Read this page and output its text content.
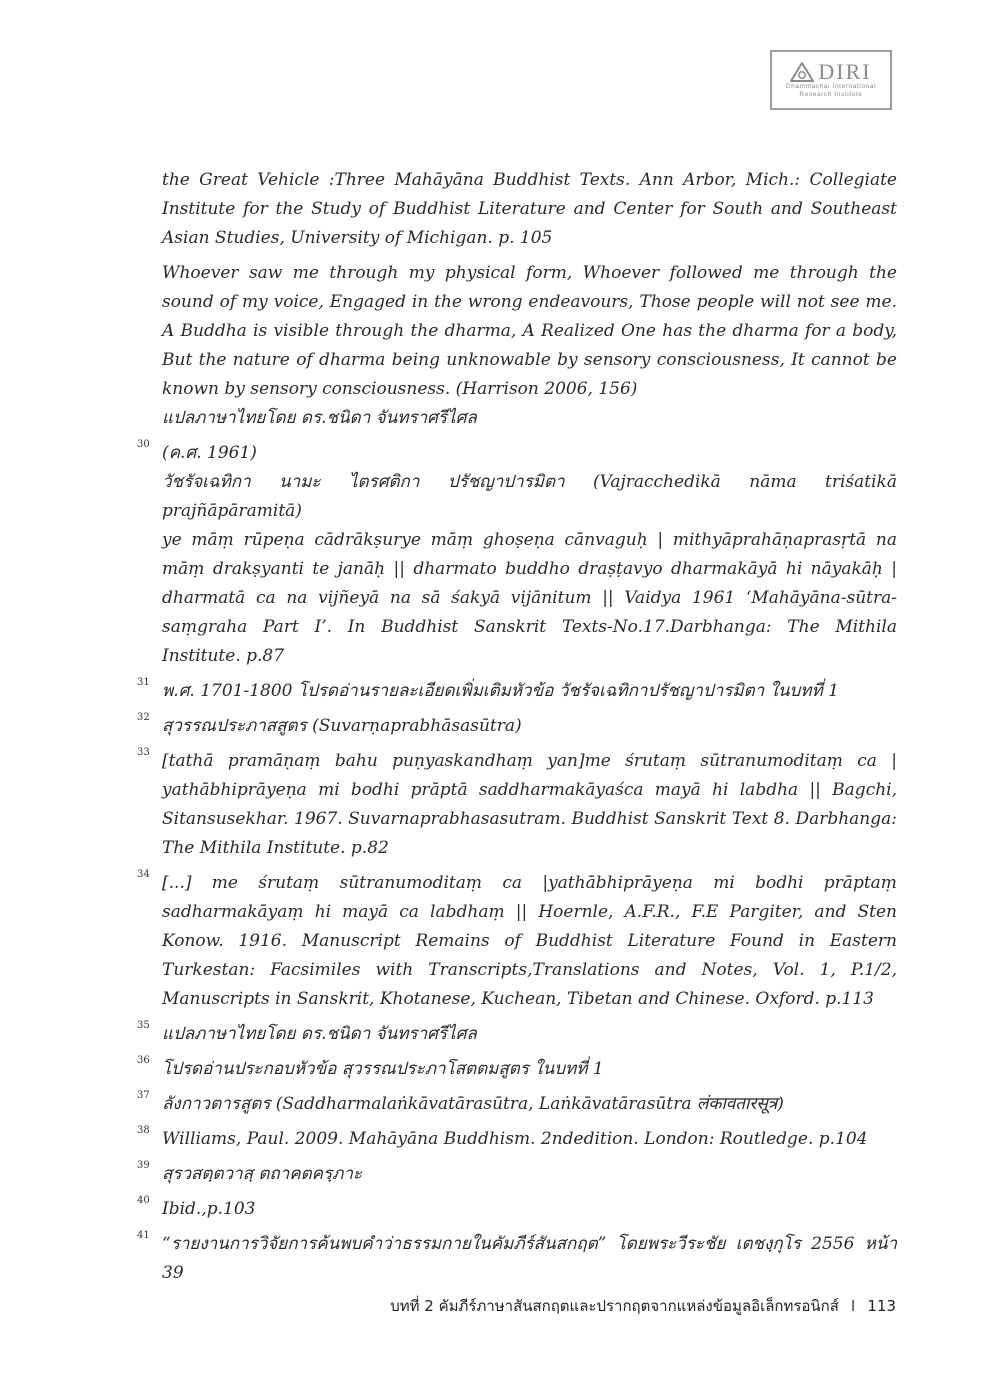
DIRI
Dhammachai International
Research Institute

the Great Vehicle :Three Mahāyāna Buddhist Texts. Ann Arbor, Mich.: Collegiate Institute for the Study of Buddhist Literature and Center for South and Southeast Asian Studies, University of Michigan. p. 105

Whoever saw me through my physical form, Whoever followed me through the sound of my voice, Engaged in the wrong endeavours, Those people will not see me. A Buddha is visible through the dharma, A Realized One has the dharma for a body, But the nature of dharma being unknowable by sensory consciousness, It cannot be known by sensory consciousness. (Harrison 2006, 156)

แปลภาษาไทยโดย ดร.ชนิดา จันทราศรีไศล

30 (ค.ศ. 1961)

วัชรัจเฉทิกา นามะ ไตรศติกา ปรัชญาปารมิตา (Vajracchedikā nāma triśatikā prajñāpāramitā)

ye māṃ rūpeṇa cādrākṣurye māṃ ghoṣeṇa cānvaguḥ | mithyāprahāṇaprasṛtā na māṃ drakṣyanti te janāḥ || dharmato buddho draṣṭavyo dharmakāyā hi nāyakāḥ | dharmatā ca na vijñeyā na sā śakyā vijānitum || Vaidya 1961 ‘Mahāyāna-sūtra-saṃgraha Part I’. In Buddhist Sanskrit Texts-No.17.Darbhanga: The Mithila Institute. p.87

31 พ.ศ. 1701-1800 โปรดอ่านรายละเอียดเพิ่มเติมหัวข้อ วัชรัจเฉทิกาปรัชญาปารมิตา ในบทที่ 1

32 สุวรรณประภาสสูตร (Suvarṇaprabhāsasūtra)

33 [tathā pramāṇaṃ bahu puṇyaskandhaṃ yan]me śrutaṃ sūtranumoditaṃ ca | yathābhiprāyeṇa mi bodhi prāptā saddharmakāyaśca mayā hi labdha || Bagchi, Sitansusekhar. 1967. Suvarnaprabhasasutram. Buddhist Sanskrit Text 8. Darbhanga: The Mithila Institute. p.82

34 [...] me śrutaṃ sūtranumoditaṃ ca |yathābhiprāyeṇa mi bodhi prāptaṃ sadharmakāyaṃ hi mayā ca labdhaṃ || Hoernle, A.F.R., F.E Pargiter, and Sten Konow. 1916. Manuscript Remains of Buddhist Literature Found in Eastern Turkestan: Facsimiles with Transcripts,Translations and Notes, Vol. 1, P.1/2, Manuscripts in Sanskrit, Khotanese, Kuchean, Tibetan and Chinese. Oxford. p.113

35 แปลภาษาไทยโดย ดร.ชนิดา จันทราศรีไศล

36 โปรดอ่านประกอบหัวข้อ สุวรรณประภาโสตตมสูตร ในบทที่ 1

37 ลังกาวตารสูตร (Saddharmalaṅkāvatārasūtra, Laṅkāvatārasūtra लंकावतारसूत्र)

38 Williams, Paul. 2009. Mahāyāna Buddhism. 2ndedition. London: Routledge. p.104

39 สุรวสตฺตวาสฺ ตถาคตครฺภาะ

40 Ibid.,p.103

41 “รายงานการวิจัยการค้นพบคำว่าธรรมกายในคัมภีร์สันสกฤต” โดยพระวีระชัย เตชงฺกุโร 2556 หน้า 39

บทที่ 2 คัมภีร์ภาษาสันสกฤตและปรากฤตจากแหล่งข้อมูลอิเล็กทรอนิกส์ I 113
